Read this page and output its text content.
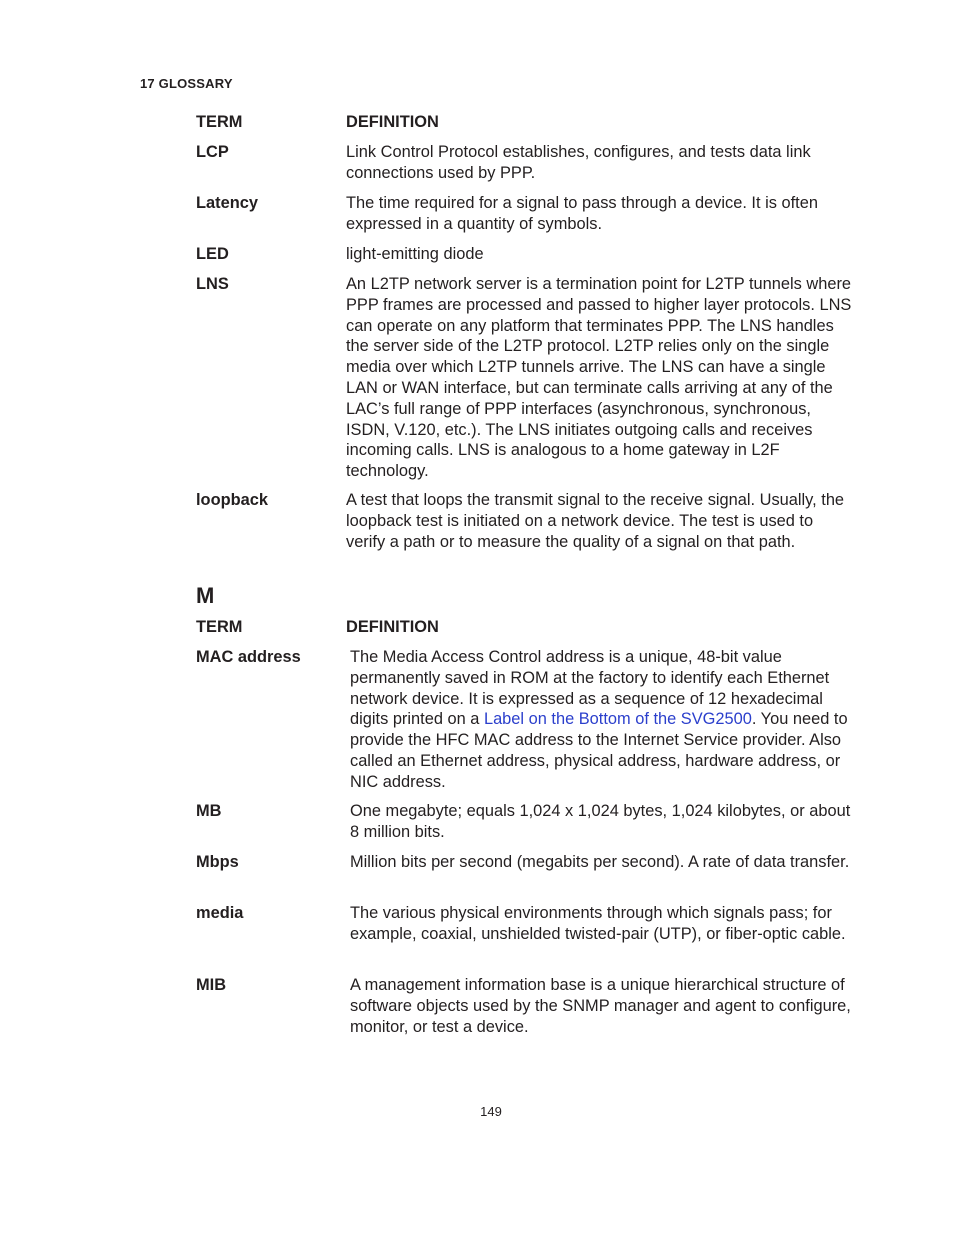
17 GLOSSARY
TERM	DEFINITION
LCP	Link Control Protocol establishes, configures, and tests data link connections used by PPP.
Latency	The time required for a signal to pass through a device. It is often expressed in a quantity of symbols.
LED	light-emitting diode
LNS	An L2TP network server is a termination point for L2TP tunnels where PPP frames are processed and passed to higher layer protocols. LNS can operate on any platform that terminates PPP. The LNS handles the server side of the L2TP protocol. L2TP relies only on the single media over which L2TP tunnels arrive. The LNS can have a single LAN or WAN interface, but can terminate calls arriving at any of the LAC’s full range of PPP interfaces (asynchronous, synchronous, ISDN, V.120, etc.). The LNS initiates outgoing calls and receives incoming calls. LNS is analogous to a home gateway in L2F technology.
loopback	A test that loops the transmit signal to the receive signal. Usually, the loopback test is initiated on a network device. The test is used to verify a path or to measure the quality of a signal on that path.
M
TERM	DEFINITION
MAC address	The Media Access Control address is a unique, 48-bit value permanently saved in ROM at the factory to identify each Ethernet network device. It is expressed as a sequence of 12 hexadecimal digits printed on a Label on the Bottom of the SVG2500. You need to provide the HFC MAC address to the Internet Service provider. Also called an Ethernet address, physical address, hardware address, or NIC address.
MB	One megabyte; equals 1,024 x 1,024 bytes, 1,024 kilobytes, or about 8 million bits.
Mbps	Million bits per second (megabits per second). A rate of data transfer.
media	The various physical environments through which signals pass; for example, coaxial, unshielded twisted-pair (UTP), or fiber-optic cable.
MIB	A management information base is a unique hierarchical structure of software objects used by the SNMP manager and agent to configure, monitor, or test a device.
149
